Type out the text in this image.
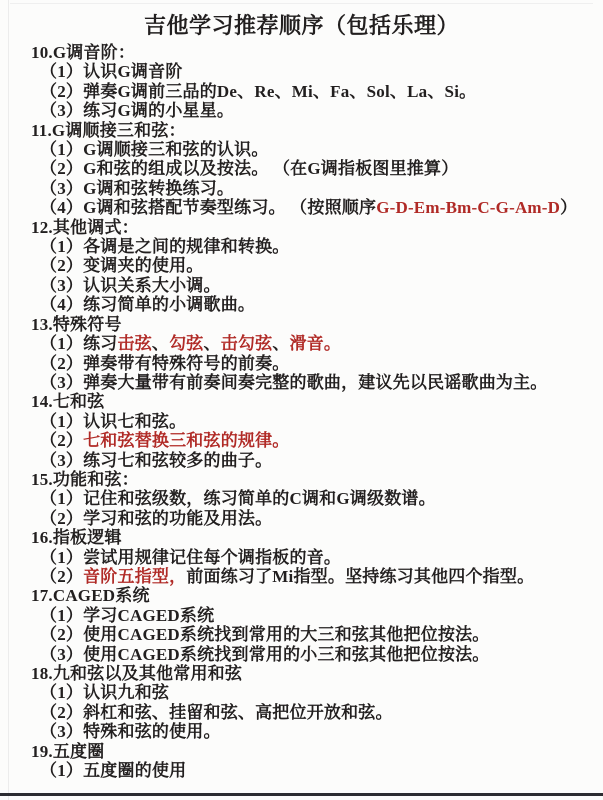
吉他学习推荐顺序（包括乐理）
10.G调音阶：
（1）认识G调音阶
（2）弹奏G调前三品的De、Re、Mi、Fa、Sol、La、Si。
（3）练习G调的小星星。
11.G调顺接三和弦：
（1）G调顺接三和弦的认识。
（2）G和弦的组成以及按法。 （在G调指板图里推算）
（3）G调和弦转换练习。
（4）G调和弦搭配节奏型练习。 （按照顺序G-D-Em-Bm-C-G-Am-D）
12.其他调式：
（1）各调是之间的规律和转换。
（2）变调夹的使用。
（3）认识关系大小调。
（4）练习简单的小调歌曲。
13.特殊符号
（1）练习击弦、勾弦、击勾弦、滑音。
（2）弹奏带有特殊符号的前奏。
（3）弹奏大量带有前奏间奏完整的歌曲，建议先以民谣歌曲为主。
14.七和弦
（1）认识七和弦。
（2）七和弦替换三和弦的规律。
（3）练习七和弦较多的曲子。
15.功能和弦：
（1）记住和弦级数，练习简单的C调和G调级数谱。
（2）学习和弦的功能及用法。
16.指板逻辑
（1）尝试用规律记住每个调指板的音。
（2）音阶五指型，前面练习了Mi指型。坚持练习其他四个指型。
17.CAGED系统
（1）学习CAGED系统
（2）使用CAGED系统找到常用的大三和弦其他把位按法。
（3）使用CAGED系统找到常用的小三和弦其他把位按法。
18.九和弦以及其他常用和弦
（1）认识九和弦
（2）斜杠和弦、挂留和弦、高把位开放和弦。
（3）特殊和弦的使用。
19.五度圈
（1）五度圈的使用
